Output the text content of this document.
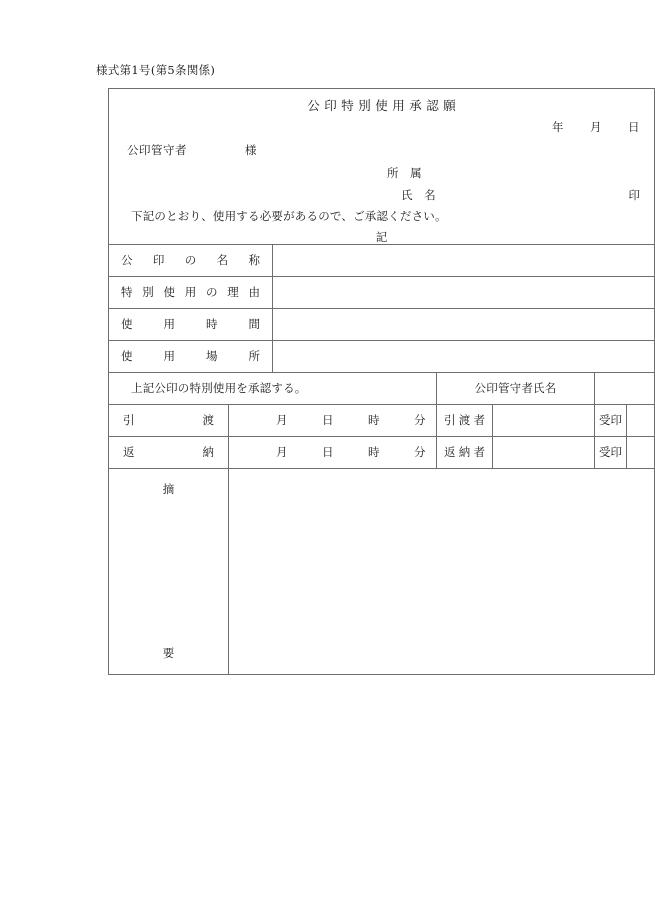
様式第1号(第5条関係)
公印特別使用承認願
年 月 日
公印管守者	様
所 属
氏 名	印
下記のとおり、使用する必要があるので、ご承認ください。
記

公印の名称						

特別使用の理由						

使用時間						

使用場所						

上記公印の特別使用を承認する。			公印管守者氏名			

引渡	月 日 時 分		引渡者		受印	

返納	月 日 時 分		返納者		受印	

摘
要						
